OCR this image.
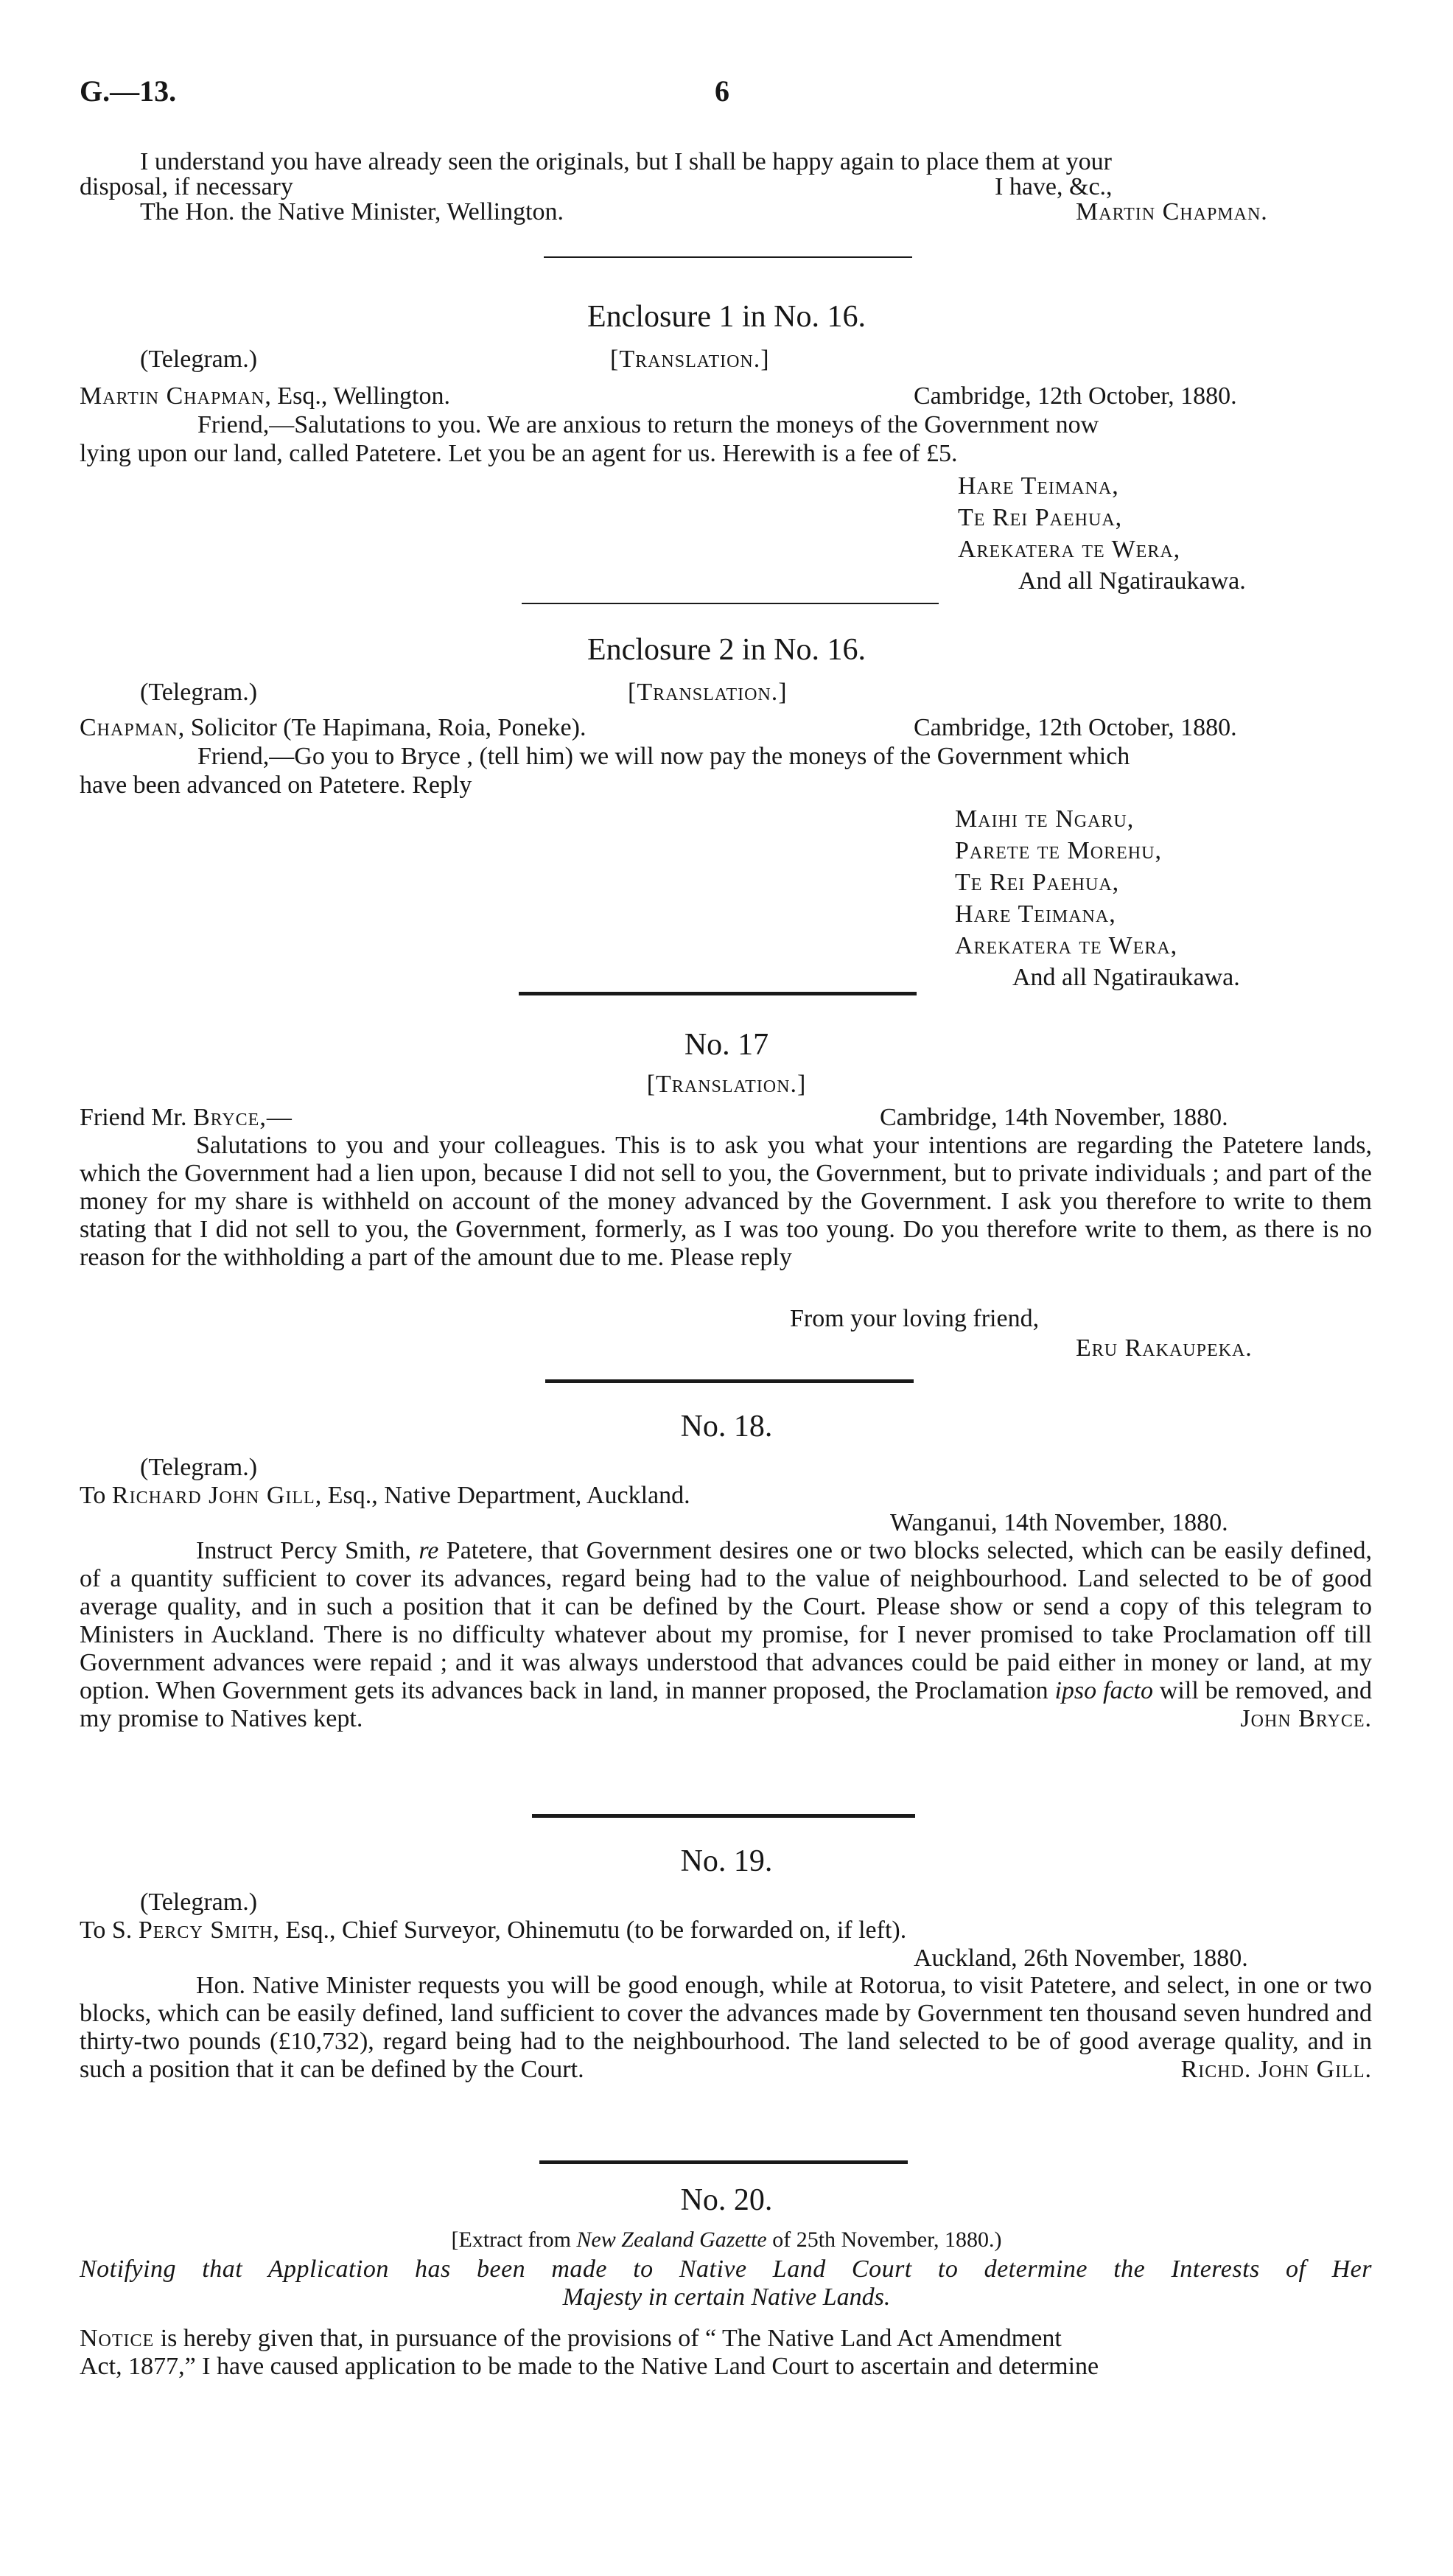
G.—13.	6
I understand you have already seen the originals, but I shall be happy again to place them at your
disposal, if necessary	I have, &c.,
The Hon. the Native Minister, Wellington.	Martin Chapman.
Enclosure 1 in No. 16.
(Telegram.)	[Translation.]
Martin Chapman, Esq., Wellington.	Cambridge, 12th October, 1880.
Friend,—Salutations to you. We are anxious to return the moneys of the Government now
lying upon our land, called Patetere. Let you be an agent for us. Herewith is a fee of £5.
Hare Teimana,
Te Rei Paehua,
Arekatera te Wera,
And all Ngatiraukawa.
Enclosure 2 in No. 16.
(Telegram.)	[Translation.]
Chapman, Solicitor (Te Hapimana, Roia, Poneke).	Cambridge, 12th October, 1880.
Friend,—Go you to Bryce , (tell him) we will now pay the moneys of the Government which
have been advanced on Patetere. Reply
Maihi te Ngaru,
Parete te Morehu,
Te Rei Paehua,
Hare Teimana,
Arekatera te Wera,
And all Ngatiraukawa.
No. 17
[Translation.]
Friend Mr. Bryce,—	Cambridge, 14th November, 1880.

Salutations to you and your colleagues. This is to ask you what your intentions are regarding the Patetere lands, which the Government had a lien upon, because I did not sell to you, the Government, but to private individuals ; and part of the money for my share is withheld on account of the money advanced by the Government. I ask you therefore to write to them stating that I did not sell to you, the Government, formerly, as I was too young. Do you therefore write to them, as there is no reason for the withholding a part of the amount due to me. Please reply

From your loving friend,
Eru Rakaupeka.
No. 18.
(Telegram.)
To Richard John Gill, Esq., Native Department, Auckland.
Wanganui, 14th November, 1880.

Instruct Percy Smith, re Patetere, that Government desires one or two blocks selected, which can be easily defined, of a quantity sufficient to cover its advances, regard being had to the value of neighbourhood. Land selected to be of good average quality, and in such a position that it can be defined by the Court. Please show or send a copy of this telegram to Ministers in Auckland. There is no difficulty whatever about my promise, for I never promised to take Proclamation off till Government advances were repaid ; and it was always understood that advances could be paid either in money or land, at my option. When Government gets its advances back in land, in manner proposed, the Proclamation ipso facto will be removed, and my promise to Natives kept.	John Bryce.

No. 19.
(Telegram.)
To S. Percy Smith, Esq., Chief Surveyor, Ohinemutu (to be forwarded on, if left).
Auckland, 26th November, 1880.

Hon. Native Minister requests you will be good enough, while at Rotorua, to visit Patetere, and select, in one or two blocks, which can be easily defined, land sufficient to cover the advances made by Government ten thousand seven hundred and thirty-two pounds (£10,732), regard being had to the neighbourhood. The land selected to be of good average quality, and in such a position that it can be defined by the Court.	Richd. John Gill.

No. 20.
[Extract from New Zealand Gazette of 25th November, 1880.)
Notifying that Application has been made to Native Land Court to determine the Interests of Her
Majesty in certain Native Lands.
Notice is hereby given that, in pursuance of the provisions of “ The Native Land Act Amendment
Act, 1877,” I have caused application to be made to the Native Land Court to ascertain and determine
